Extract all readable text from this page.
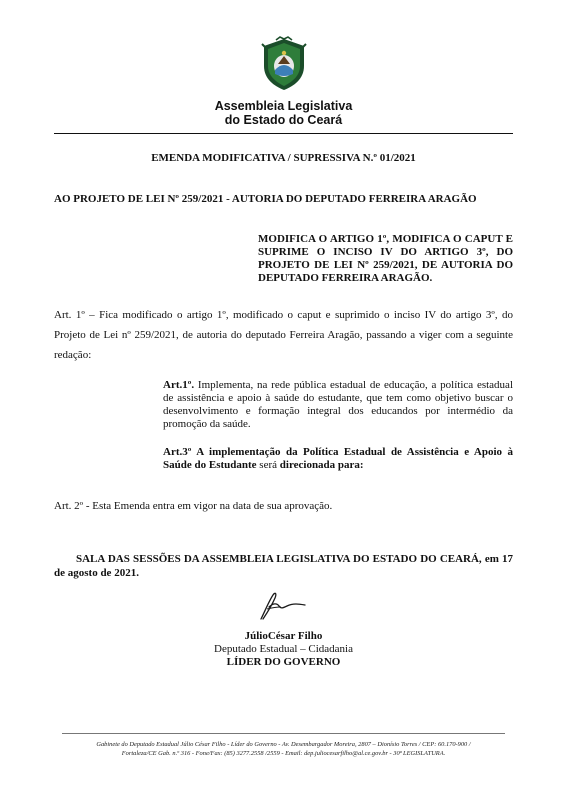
Assembleia Legislativa
do Estado do Ceará
EMENDA MODIFICATIVA / SUPRESSIVA N.º 01/2021
AO PROJETO DE LEI Nº 259/2021 - AUTORIA DO DEPUTADO FERREIRA ARAGÃO

MODIFICA O ARTIGO 1º, MODIFICA O CAPUT E SUPRIME O INCISO IV DO ARTIGO 3º, DO PROJETO DE LEI Nº 259/2021, DE AUTORIA DO DEPUTADO FERREIRA ARAGÃO.

Art. 1º – Fica modificado o artigo 1º, modificado o caput e suprimido o inciso IV do artigo 3º, do Projeto de Lei nº 259/2021, de autoria do deputado Ferreira Aragão, passando a viger com a seguinte redação:

Art.1º. Implementa, na rede pública estadual de educação, a política estadual de assistência e apoio à saúde do estudante, que tem como objetivo buscar o desenvolvimento e formação integral dos educandos por intermédio da promoção da saúde.

Art.3º A implementação da Política Estadual de Assistência e Apoio à Saúde do Estudante será direcionada para:

Art. 2º - Esta Emenda entra em vigor na data de sua aprovação.

SALA DAS SESSÕES DA ASSEMBLEIA LEGISLATIVA DO ESTADO DO CEARÁ, em 17 de agosto de 2021.

JúlioCésar Filho
Deputado Estadual – Cidadania
LÍDER DO GOVERNO
Gabinete do Deputado Estadual Júlio César Filho - Líder do Governo - Av. Desembargador Moreira, 2807 – Dionísio Torres / CEP: 60.170-900 /
Fortaleza/CE Gab. n.º 316 - Fone/Fax: (85) 3277.2558 /2559 - Email: dep.juliocesarfilho@al.ce.gov.br - 30ª LEGISLATURA.
